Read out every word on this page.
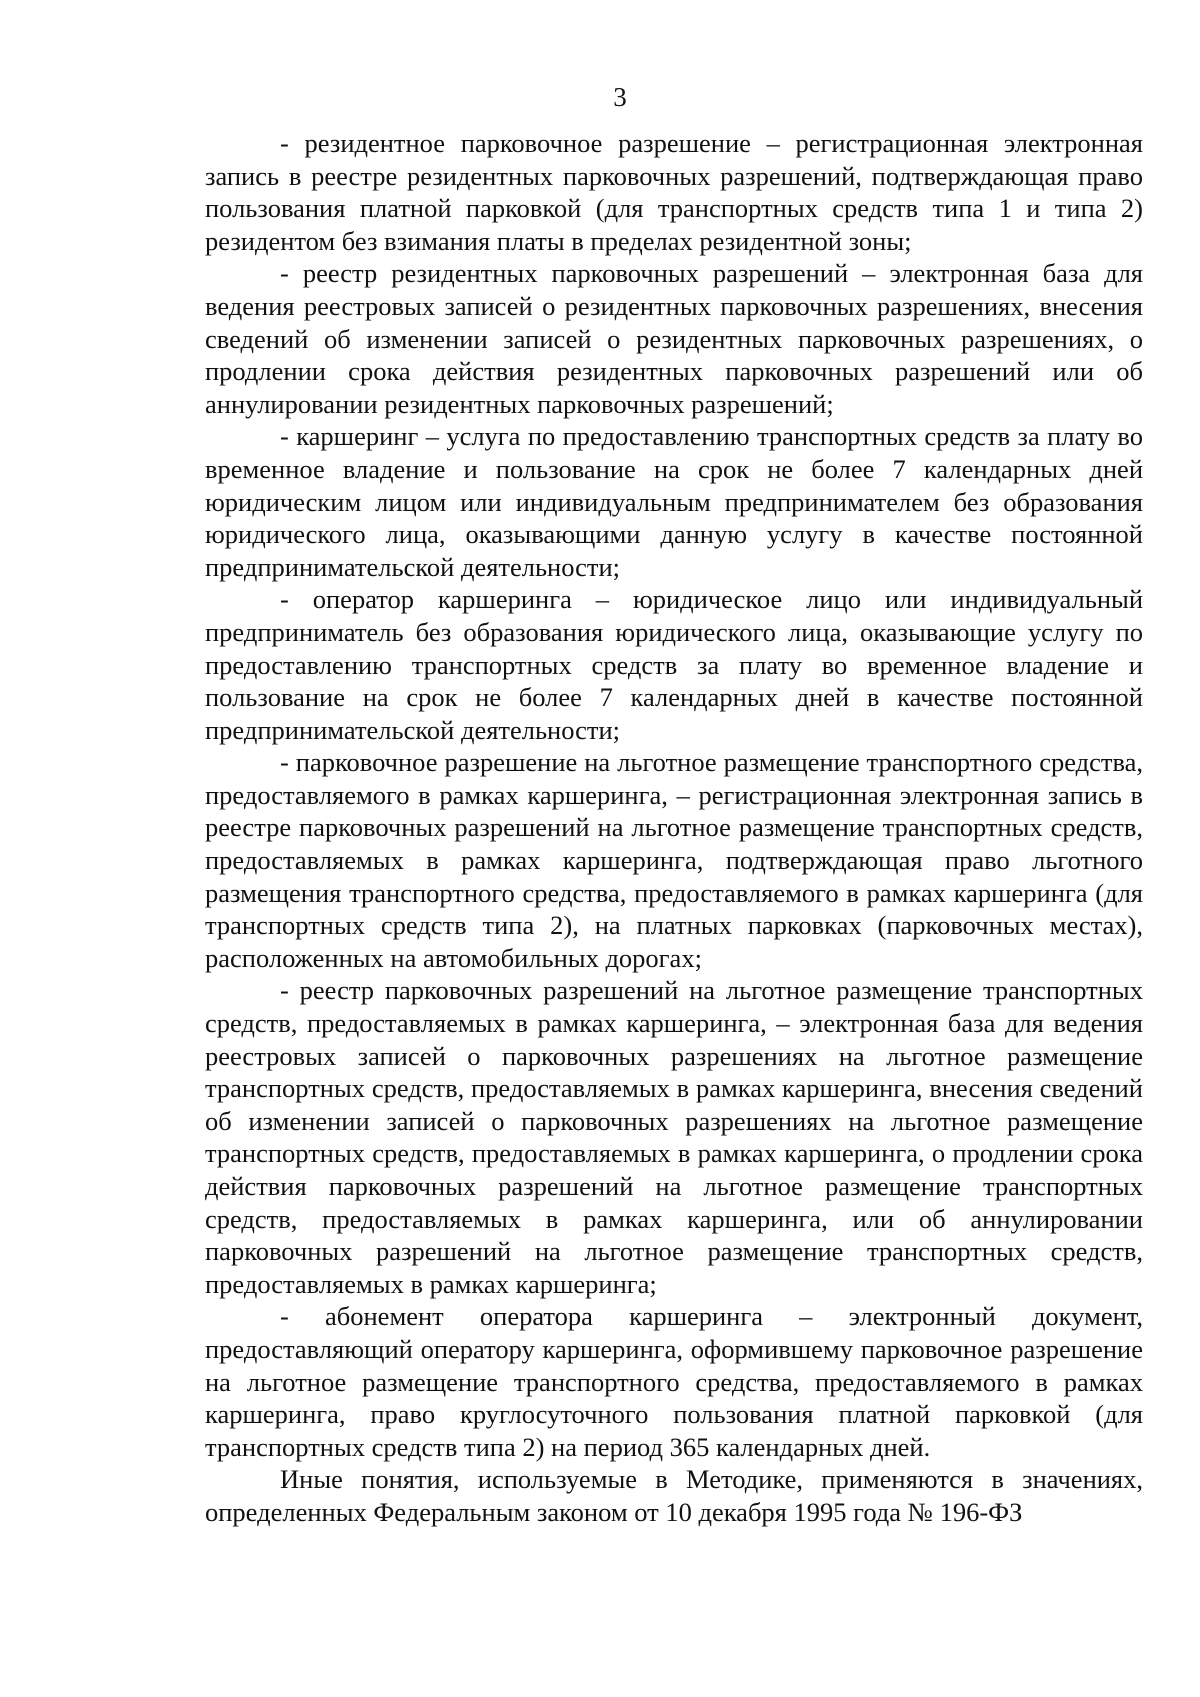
3

- резидентное парковочное разрешение – регистрационная электронная запись в реестре резидентных парковочных разрешений, подтверждающая право пользования платной парковкой (для транспортных средств типа 1 и типа 2) резидентом без взимания платы в пределах резидентной зоны;

- реестр резидентных парковочных разрешений – электронная база для ведения реестровых записей о резидентных парковочных разрешениях, внесения сведений об изменении записей о резидентных парковочных разрешениях, о продлении срока действия резидентных парковочных разрешений или об аннулировании резидентных парковочных разрешений;

- каршеринг – услуга по предоставлению транспортных средств за плату во временное владение и пользование на срок не более 7 календарных дней юридическим лицом или индивидуальным предпринимателем без образования юридического лица, оказывающими данную услугу в качестве постоянной предпринимательской деятельности;

- оператор каршеринга – юридическое лицо или индивидуальный предприниматель без образования юридического лица, оказывающие услугу по предоставлению транспортных средств за плату во временное владение и пользование на срок не более 7 календарных дней в качестве постоянной предпринимательской деятельности;

- парковочное разрешение на льготное размещение транспортного средства, предоставляемого в рамках каршеринга, – регистрационная электронная запись в реестре парковочных разрешений на льготное размещение транспортных средств, предоставляемых в рамках каршеринга, подтверждающая право льготного размещения транспортного средства, предоставляемого в рамках каршеринга (для транспортных средств типа 2), на платных парковках (парковочных местах), расположенных на автомобильных дорогах;

- реестр парковочных разрешений на льготное размещение транспортных средств, предоставляемых в рамках каршеринга, – электронная база для ведения реестровых записей о парковочных разрешениях на льготное размещение транспортных средств, предоставляемых в рамках каршеринга, внесения сведений об изменении записей о парковочных разрешениях на льготное размещение транспортных средств, предоставляемых в рамках каршеринга, о продлении срока действия парковочных разрешений на льготное размещение транспортных средств, предоставляемых в рамках каршеринга, или об аннулировании парковочных разрешений на льготное размещение транспортных средств, предоставляемых в рамках каршеринга;

- абонемент оператора каршеринга – электронный документ, предоставляющий оператору каршеринга, оформившему парковочное разрешение на льготное размещение транспортного средства, предоставляемого в рамках каршеринга, право круглосуточного пользования платной парковкой (для транспортных средств типа 2) на период 365 календарных дней.

Иные понятия, используемые в Методике, применяются в значениях, определенных Федеральным законом от 10 декабря 1995 года № 196-ФЗ
